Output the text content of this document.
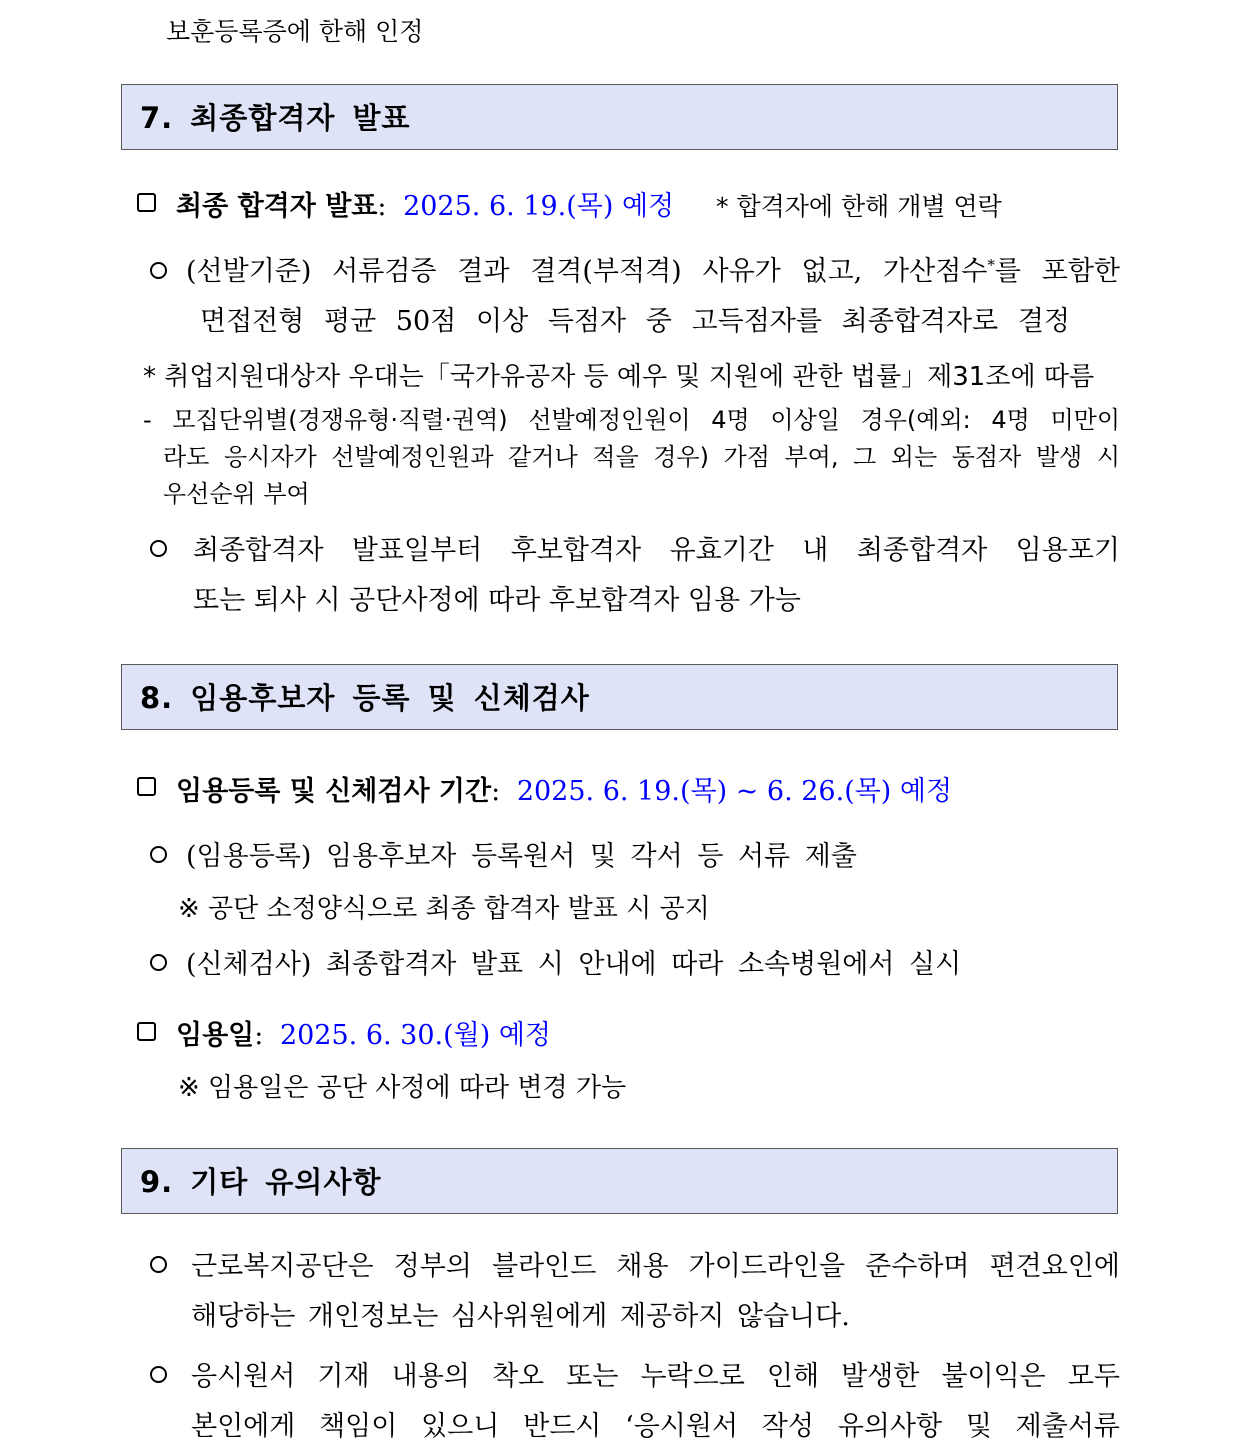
보훈등록증에 한해 인정
7. 최종합격자 발표
최종 합격자 발표: 2025. 6. 19.(목) 예정 * 합격자에 한해 개별 연락
(선발기준) 서류검증 결과 결격(부적격) 사유가 없고, 가산점수*를 포함한
면접전형 평균 50점 이상 득점자 중 고득점자를 최종합격자로 결정
* 취업지원대상자 우대는「국가유공자 등 예우 및 지원에 관한 법률」제31조에 따름
- 모집단위별(경쟁유형·직렬·권역) 선발예정인원이 4명 이상일 경우(예외: 4명 미만이
라도 응시자가 선발예정인원과 같거나 적을 경우) 가점 부여, 그 외는 동점자 발생 시
우선순위 부여
최종합격자 발표일부터 후보합격자 유효기간 내 최종합격자 임용포기
또는 퇴사 시 공단사정에 따라 후보합격자 임용 가능
8. 임용후보자 등록 및 신체검사
임용등록 및 신체검사 기간: 2025. 6. 19.(목) ~ 6. 26.(목) 예정
(임용등록) 임용후보자 등록원서 및 각서 등 서류 제출
※ 공단 소정양식으로 최종 합격자 발표 시 공지
(신체검사) 최종합격자 발표 시 안내에 따라 소속병원에서 실시
임용일: 2025. 6. 30.(월) 예정
※ 임용일은 공단 사정에 따라 변경 가능
9. 기타 유의사항
근로복지공단은 정부의 블라인드 채용 가이드라인을 준수하며 편견요인에
해당하는 개인정보는 심사위원에게 제공하지 않습니다.
응시원서 기재 내용의 착오 또는 누락으로 인해 발생한 불이익은 모두
본인에게 책임이 있으니 반드시 ‘응시원서 작성 유의사항 및 제출서류
